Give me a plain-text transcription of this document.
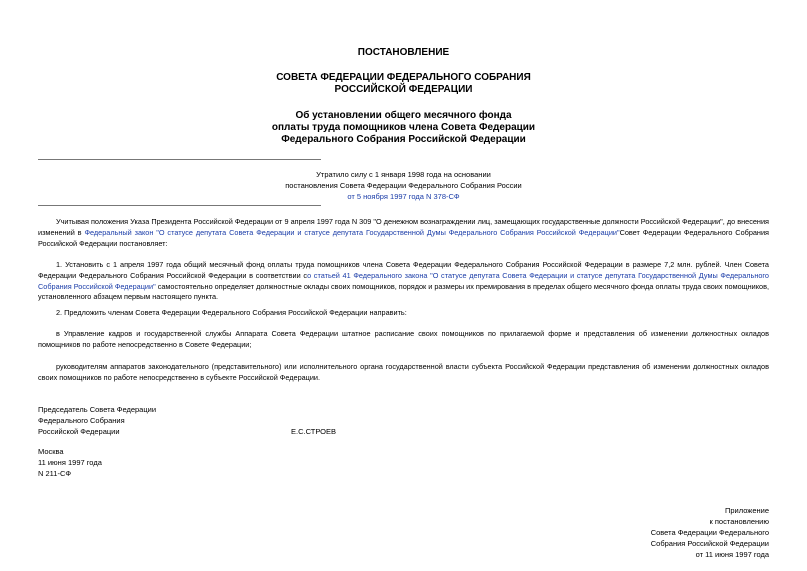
ПОСТАНОВЛЕНИЕ
СОВЕТА ФЕДЕРАЦИИ ФЕДЕРАЛЬНОГО СОБРАНИЯ
РОССИЙСКОЙ ФЕДЕРАЦИИ
Об установлении общего месячного фонда
оплаты труда помощников члена Совета Федерации
Федерального Собрания Российской Федерации
Утратило силу с 1 января 1998 года на основании
постановления Совета Федерации Федерального Собрания России
от 5 ноября 1997 года N 378-СФ
Учитывая положения Указа Президента Российской Федерации от 9 апреля 1997 года N 309 "О денежном вознаграждении лиц, замещающих государственные должности Российской Федерации", до внесения изменений в Федеральный закон "О статусе депутата Совета Федерации и статусе депутата Государственной Думы Федерального Собрания Российской Федерации"Совет Федерации Федерального Собрания Российской Федерации постановляет:
1. Установить с 1 апреля 1997 года общий месячный фонд оплаты труда помощников члена Совета Федерации Федерального Собрания Российской Федерации в размере 7,2 млн. рублей. Член Совета Федерации Федерального Собрания Российской Федерации в соответствии со статьей 41 Федерального закона "О статусе депутата Совета Федерации и статусе депутата Государственной Думы Федерального Собрания Российской Федерации" самостоятельно определяет должностные оклады своих помощников, порядок и размеры их премирования в пределах общего месячного фонда оплаты труда своих помощников, установленного абзацем первым настоящего пункта.
2. Предложить членам Совета Федерации Федерального Собрания Российской Федерации направить:
в Управление кадров и государственной службы Аппарата Совета Федерации штатное расписание своих помощников по прилагаемой форме и представления об изменении должностных окладов помощников по работе непосредственно в Совете Федерации;
руководителям аппаратов законодательного (представительного) или исполнительного органа государственной власти субъекта Российской Федерации представления об изменении должностных окладов своих помощников по работе непосредственно в субъекте Российской Федерации.
Председатель Совета Федерации
Федерального Собрания
Российской Федерации	Е.С.СТРОЕВ
Москва
11 июня 1997 года
N 211-СФ
Приложение
к постановлению
Совета Федерации Федерального
Собрания Российской Федерации
от 11 июня 1997 года
